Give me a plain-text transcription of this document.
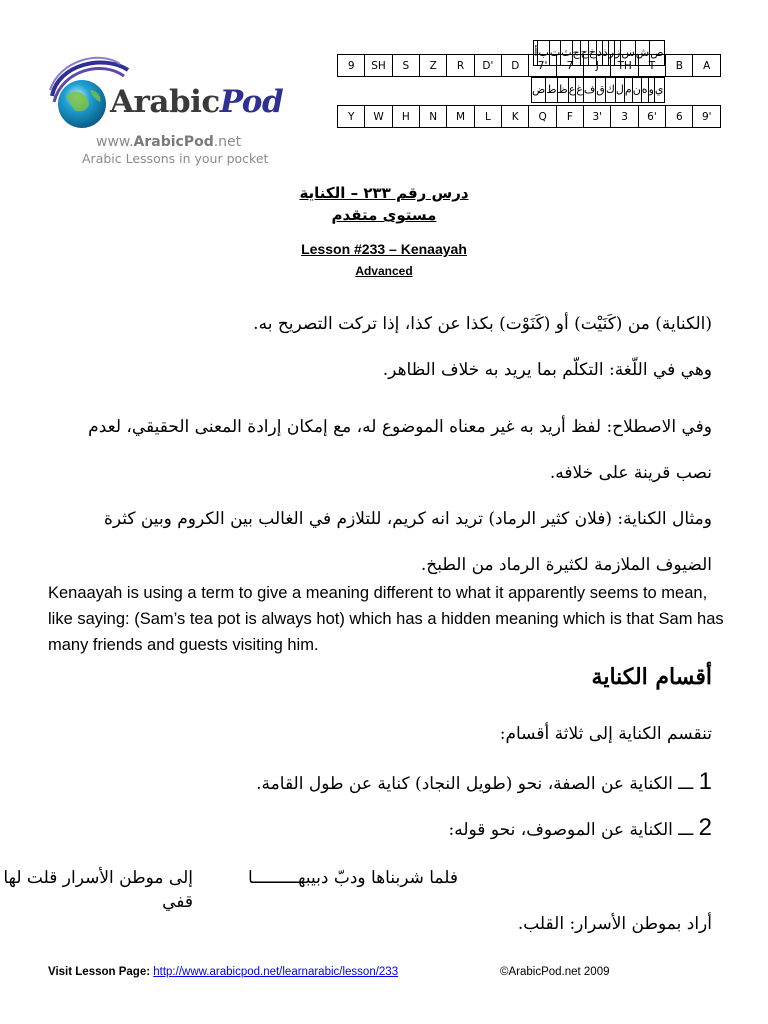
ArabicPod
www.ArabicPod.net
Arabic Lessons in your pocket
ص	ش	س	ز	ر	ذ	د	خ	ح	ج	ث	ت	ب	أ
9	SH	S	Z	R	D'	D	7'	7	J	TH	T	B	A

ي	و	ه	ن	م	ل	ك	ق	ف	غ	ع	ظ	ط	ض
Y	W	H	N	M	L	K	Q	F	3'	3	6'	6	9'
درس رقم ٢٣٣ – الكناية
مستوى متقدم
Lesson #233 – Kenaayah
Advanced
(الكناية) من (كَنَيْت) أو (كَنَوْت) بكذا عن كذا، إذا تركت التصريح به.
وهي في اللّغة: التكلّم بما يريد به خلاف الظاهر.
وفي الاصطلاح: لفظ أريد به غير معناه الموضوع له، مع إمكان إرادة المعنى الحقيقي، لعدم نصب قرينة على خلافه.
ومثال الكناية: (فلان كثير الرماد) تريد انه كريم، للتلازم في الغالب بين الكروم وبين كثرة الضيوف الملازمة لكثيرة الرماد من الطبخ.
Kenaayah is using a term to give a meaning different to what it apparently seems to mean, like saying: (Sam’s tea pot is always hot) which has a hidden meaning which is that Sam has many friends and guests visiting him.
أقسام الكناية
تنقسم الكناية إلى ثلاثة أقسام:
1 ـــ الكناية عن الصفة، نحو (طويل النجاد) كناية عن طول القامة.
2 ـــ الكناية عن الموصوف، نحو قوله:
فلما شربناها ودبّ دبيبهـــــــــا
إلى موطن الأسرار قلت لها قفي
أراد بموطن الأسرار: القلب.
Visit Lesson Page: http://www.arabicpod.net/learnarabic/lesson/233	©ArabicPod.net 2009
